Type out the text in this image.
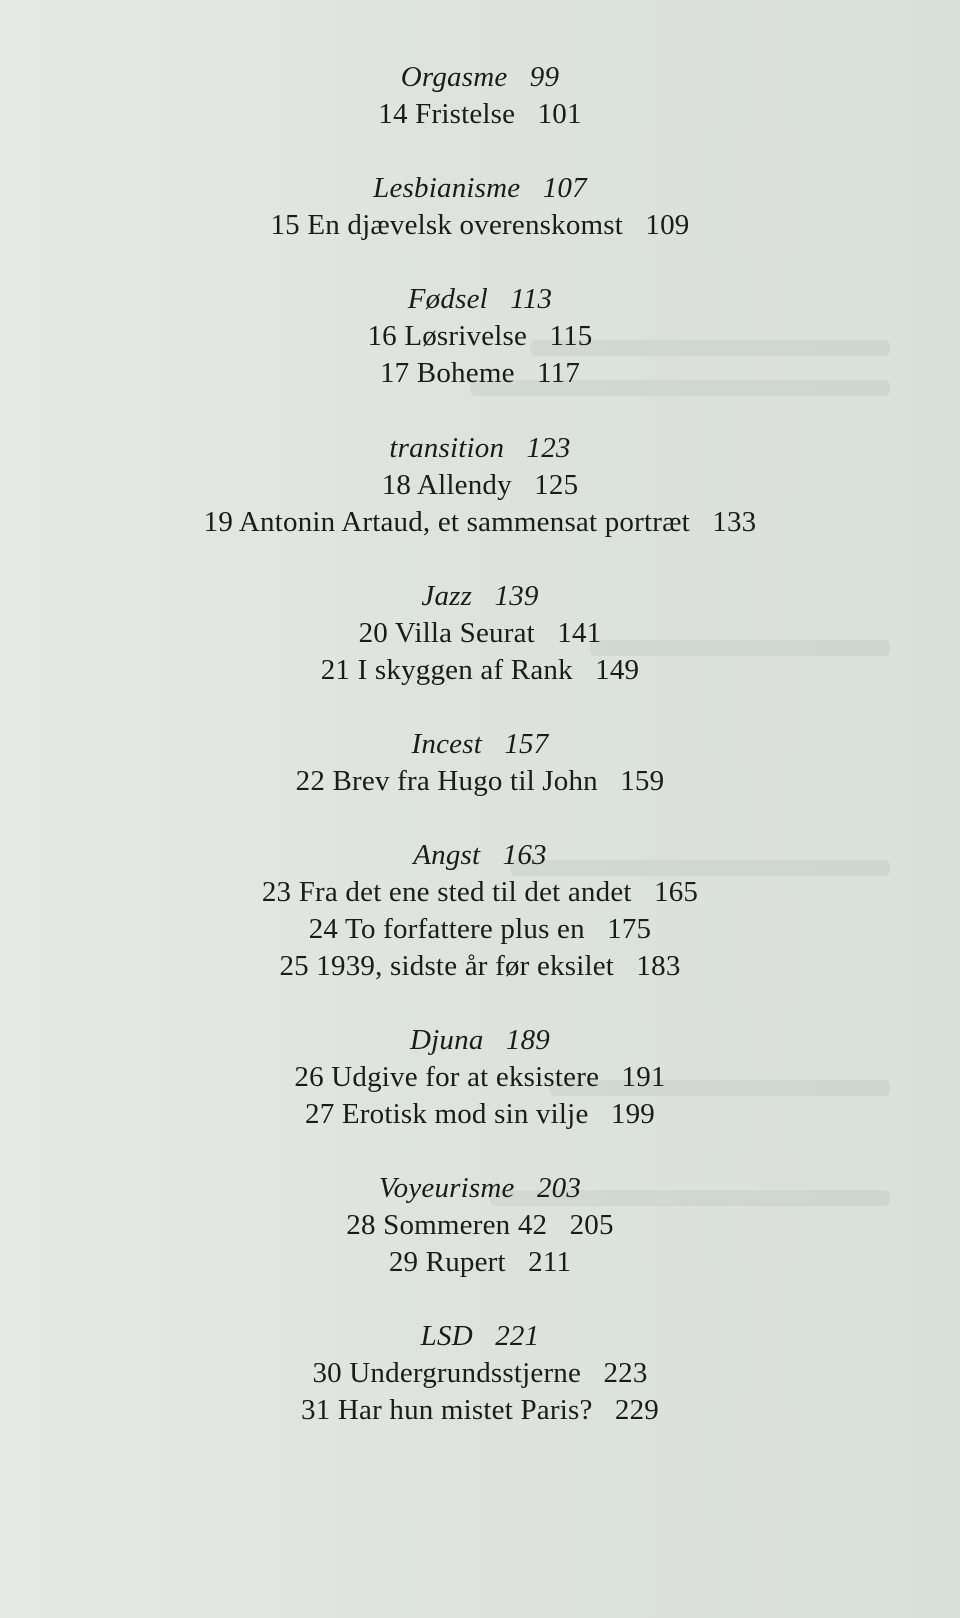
Orgasme 99
14 Fristelse 101
Lesbianisme 107
15 En djævelsk overenskomst 109
Fødsel 113
16 Løsrivelse 115
17 Boheme 117
transition 123
18 Allendy 125
19 Antonin Artaud, et sammensat portræt 133
Jazz 139
20 Villa Seurat 141
21 I skyggen af Rank 149
Incest 157
22 Brev fra Hugo til John 159
Angst 163
23 Fra det ene sted til det andet 165
24 To forfattere plus en 175
25 1939, sidste år før eksilet 183
Djuna 189
26 Udgive for at eksistere 191
27 Erotisk mod sin vilje 199
Voyeurisme 203
28 Sommeren 42 205
29 Rupert 211
LSD 221
30 Undergrundsstjerne 223
31 Har hun mistet Paris? 229
